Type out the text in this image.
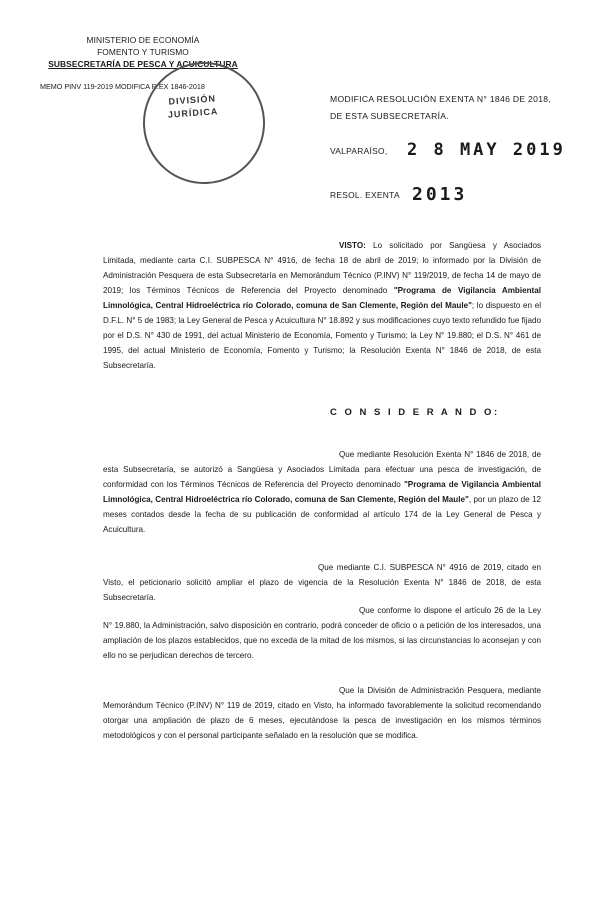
MINISTERIO DE ECONOMÍA
FOMENTO Y TURISMO
SUBSECRETARÍA DE PESCA Y ACUICULTURA
MEMO PINV 119-2019 MODIFICA R.EX 1846-2018
DIVISIÓN
JURÍDICA
MODIFICA RESOLUCIÓN EXENTA N° 1846 DE 2018, DE ESTA SUBSECRETARÍA.
VALPARAÍSO, 2 8 MAY 2019
RESOL. EXENTA 2013

VISTO: Lo solicitado por Sangüesa y Asociados Limitada, mediante carta C.I. SUBPESCA N° 4916, de fecha 18 de abril de 2019; lo informado por la División de Administración Pesquera de esta Subsecretaría en Memorándum Técnico (P.INV) N° 119/2019, de fecha 14 de mayo de 2019; los Términos Técnicos de Referencia del Proyecto denominado "Programa de Vigilancia Ambiental Limnológica, Central Hidroeléctrica río Colorado, comuna de San Clemente, Región del Maule"; lo dispuesto en el D.F.L. N° 5 de 1983; la Ley General de Pesca y Acuicultura N° 18.892 y sus modificaciones cuyo texto refundido fue fijado por el D.S. N° 430 de 1991, del actual Ministerio de Economía, Fomento y Turismo; la Ley N° 19.880; el D.S. N° 461 de 1995, del actual Ministerio de Economía, Fomento y Turismo; la Resolución Exenta N° 1846 de 2018, de esta Subsecretaría.

C O N S I D E R A N D O:

Que mediante Resolución Exenta N° 1846 de 2018, de esta Subsecretaría, se autorizó a Sangüesa y Asociados Limitada para efectuar una pesca de investigación, de conformidad con los Términos Técnicos de Referencia del Proyecto denominado "Programa de Vigilancia Ambiental Limnológica, Central Hidroeléctrica río Colorado, comuna de San Clemente, Región del Maule", por un plazo de 12 meses contados desde la fecha de su publicación de conformidad al artículo 174 de la Ley General de Pesca y Acuicultura.

Que mediante C.I. SUBPESCA N° 4916 de 2019, citado en Visto, el peticionario solicitó ampliar el plazo de vigencia de la Resolución Exenta N° 1846 de 2018, de esta Subsecretaría.

Que conforme lo dispone el artículo 26 de la Ley N° 19.880, la Administración, salvo disposición en contrario, podrá conceder de oficio o a petición de los interesados, una ampliación de los plazos establecidos, que no exceda de la mitad de los mismos, si las circunstancias lo aconsejan y con ello no se perjudican derechos de tercero.

Que la División de Administración Pesquera, mediante Memorándum Técnico (P.INV) N° 119 de 2019, citado en Visto, ha informado favorablemente la solicitud recomendando otorgar una ampliación de plazo de 6 meses, ejecutándose la pesca de investigación en los mismos términos metodológicos y con el personal participante señalado en la resolución que se modifica.
